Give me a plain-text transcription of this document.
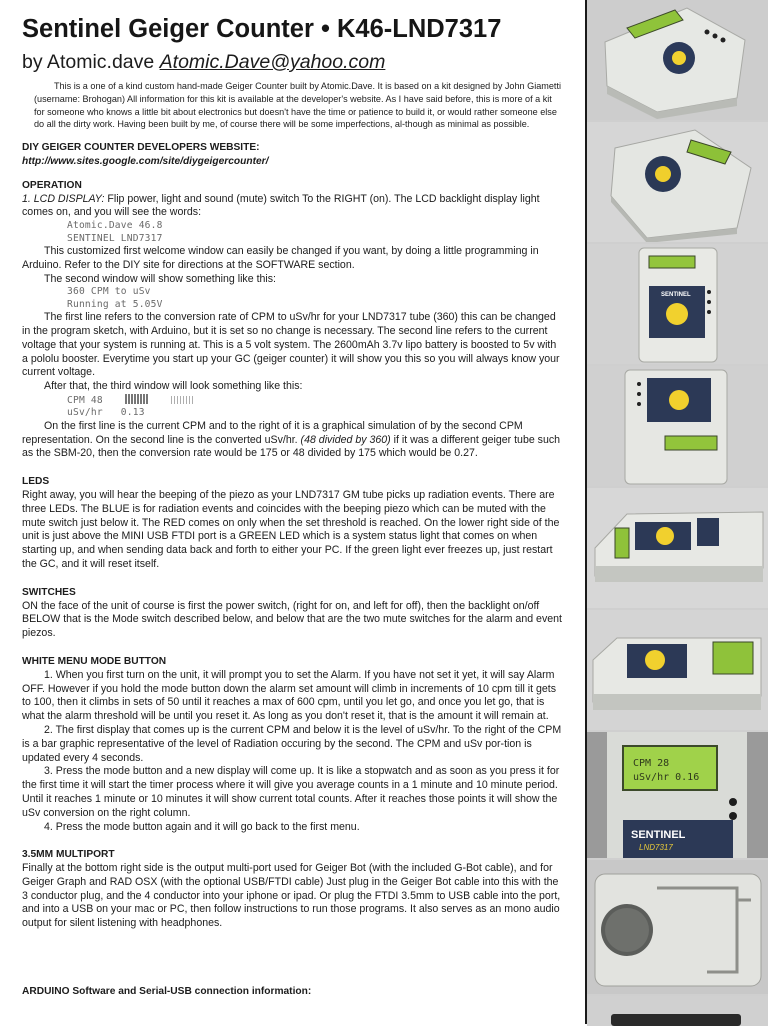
Sentinel Geiger Counter • K46-LND7317
by Atomic.dave Atomic.Dave@yahoo.com

This is a one of a kind custom hand-made Geiger Counter built by Atomic.Dave. It is based on a kit designed by John Giametti (username: Brohogan) All information for this kit is available at the developer's website. As I have said before, this is more of a kit for someone who knows a little bit about electronics but doesn't have the time or patience to build it, or would rather someone else do all the dirty work. Having been built by me, of course there will be some imperfections, al-though as minimal as possible.

DIY GEIGER COUNTER DEVELOPERS WEBSITE:

http://www.sites.google.com/site/diygeigercounter/

OPERATION

1. LCD DISPLAY: Flip power, light and sound (mute) switch To the RIGHT (on). The LCD backlight display light comes on, and you will see the words:

Atomic.Dave 46.8
SENTINEL LND7317

This customized first welcome window can easily be changed if you want, by doing a little programming in Arduino. Refer to the DIY site for directions at the SOFTWARE section.

The second window will show something like this:

360 CPM to uSv
Running at 5.05V

The first line refers to the conversion rate of CPM to uSv/hr for your LND7317 tube (360) this can be changed in the program sketch, with Arduino, but it is set so no change is necessary. The second line refers to the current voltage that your system is running at. This is a 5 volt system. The 2600mAh 3.7v lipo battery is boosted to 5v with a pololu booster. Everytime you start up your GC (geiger counter) it will show you this so you will always know your current voltage.

After that, the third window will look something like this:

CPM 48
uSv/hr   0.13

On the first line is the current CPM and to the right of it is a graphical simulation of by the second CPM representation. On the second line is the converted uSv/hr. (48 divided by 360) if it was a different geiger tube such as the SBM-20, then the conversion rate would be 175 or 48 divided by 175 which would be 0.27.

LEDS

Right away, you will hear the beeping of the piezo as your LND7317 GM tube picks up radiation events. There are three LEDs. The BLUE is for radiation events and coincides with the beeping piezo which can be muted with the mute switch just below it. The RED comes on only when the set threshold is reached. On the lower right side of the unit is just above the MINI USB FTDI port is a GREEN LED which is a system status light that comes on when starting up, and when sending data back and forth to either your PC. If the green light ever freezes up, just restart the GC, and it will reset itself.

SWITCHES

ON the face of the unit of course is first the power switch, (right for on, and left for off), then the backlight on/off BELOW that is the Mode switch described below, and below that are the two mute switches for the alarm and event piezos.

WHITE MENU MODE BUTTON

1. When you first turn on the unit, it will prompt you to set the Alarm. If you have not set it yet, it will say Alarm OFF. However if you hold the mode button down the alarm set amount will climb in increments of 10 cpm till it gets to 100, then it climbs in sets of 50 until it reaches a max of 600 cpm, until you let go, and once you let go, that is what the alarm threshold will be until you reset it. As long as you don't reset it, that is the amount it will remain at.

2. The first display that comes up is the current CPM and below it is the level of uSv/hr. To the right of the CPM is a bar graphic representative of the level of Radiation occuring by the second. The CPM and uSv por-tion is updated every 4 seconds.

3. Press the mode button and a new display will come up. It is like a stopwatch and as soon as you press it for the first time it will start the timer process where it will give you average counts in a 1 minute and 10 minute period. Until it reaches 1 minute or 10 minutes it will show current total counts. After it reaches those points it will show the uSv conversion on the right column.

4. Press the mode button again and it will go back to the first menu.

3.5MM MULTIPORT

Finally at the bottom right side is the output multi-port used for Geiger Bot (with the included G-Bot cable), and for Geiger Graph and RAD OSX (with the optional USB/FTDI cable) Just plug in the Geiger Bot cable into this with the 3 conductor plug, and the 4 conductor into your iphone or ipad. Or plug the FTDI 3.5mm to USB cable into the port, and into a USB on your mac or PC, then follow instructions to run those programs. It also serves as an mono audio output for silent listening with headphones.

ARDUINO Software and Serial-USB connection information:

SENTINEL
CPM 28
uSv/hr 0.16
SENTINEL
LND7317
